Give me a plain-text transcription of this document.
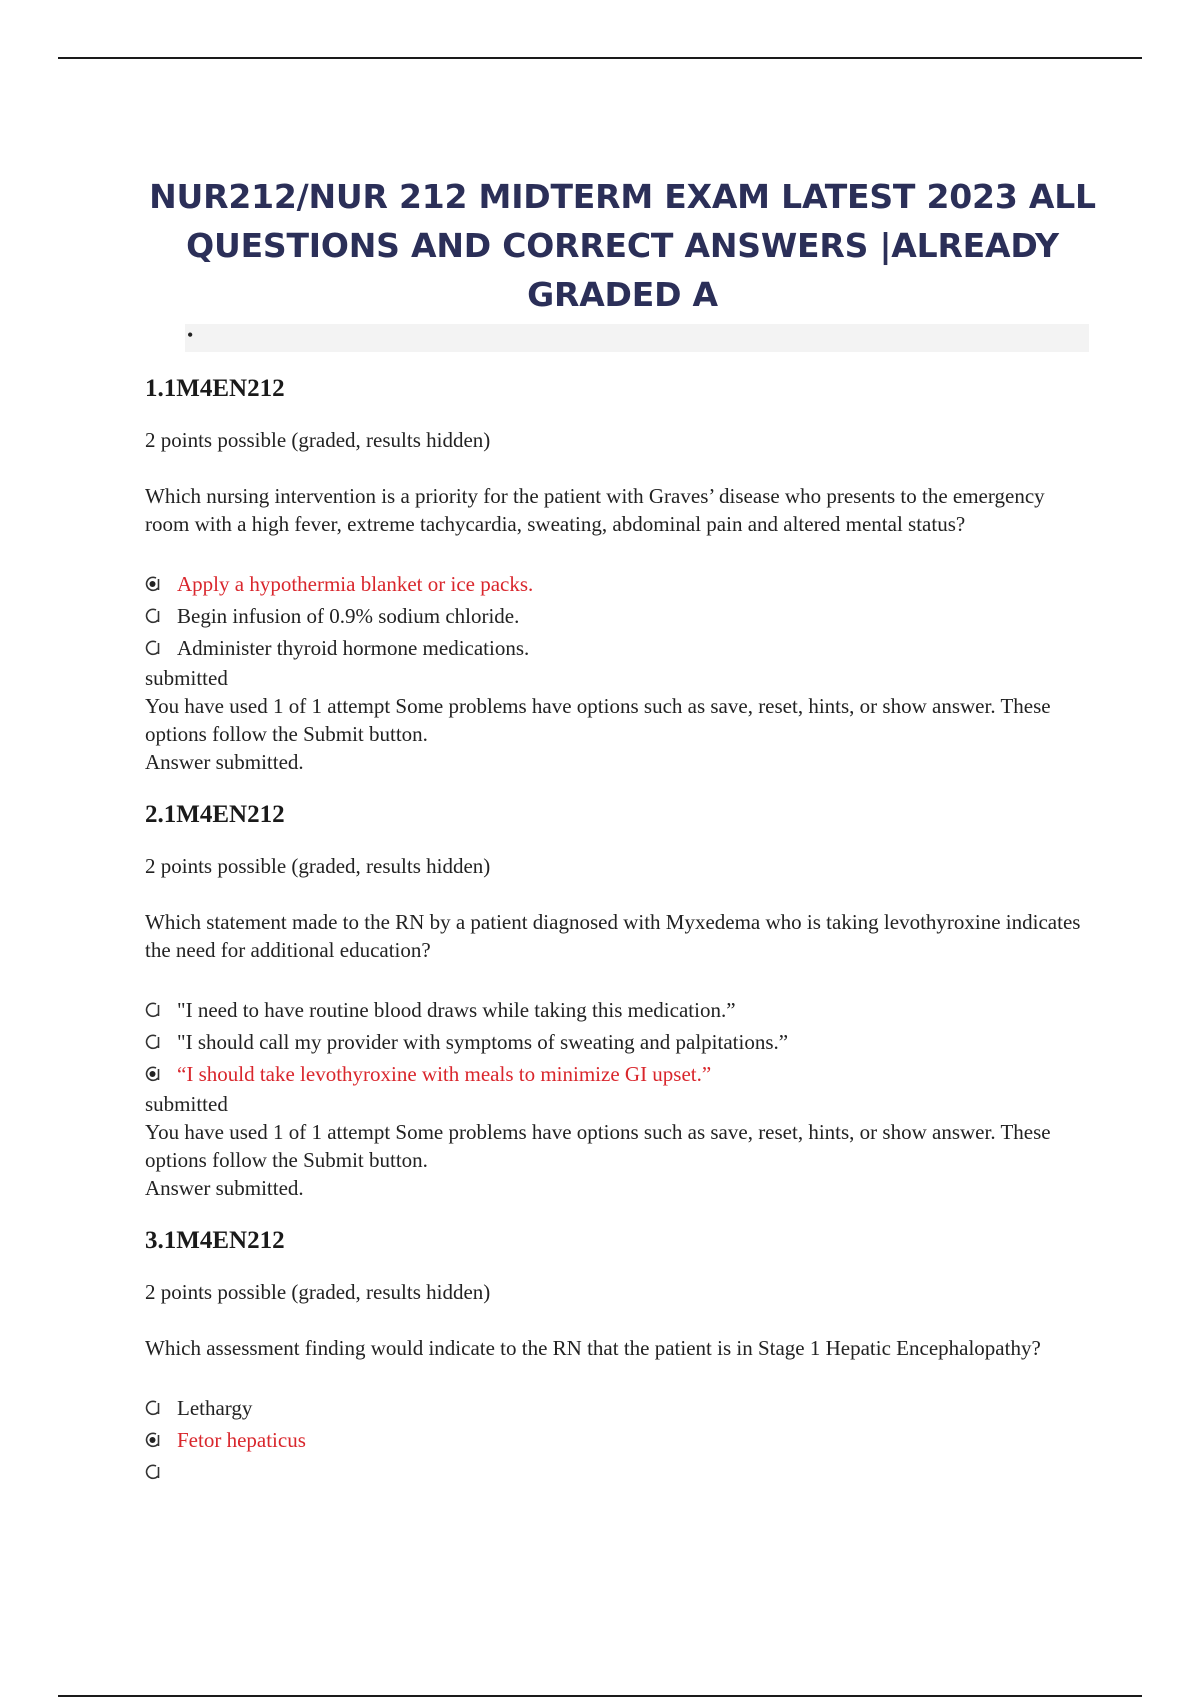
NUR212/NUR 212 MIDTERM EXAM LATEST 2023 ALL QUESTIONS AND CORRECT ANSWERS |ALREADY GRADED A
•
1.1M4EN212
2 points possible (graded, results hidden)
Which nursing intervention is a priority for the patient with Graves’ disease who presents to the emergency room with a high fever, extreme tachycardia, sweating, abdominal pain and altered mental status?
Apply a hypothermia blanket or ice packs.
Begin infusion of 0.9% sodium chloride.
Administer thyroid hormone medications.
submitted
You have used 1 of 1 attempt Some problems have options such as save, reset, hints, or show answer. These options follow the Submit button.
Answer submitted.
2.1M4EN212
2 points possible (graded, results hidden)
Which statement made to the RN by a patient diagnosed with Myxedema who is taking levothyroxine indicates the need for additional education?
"I need to have routine blood draws while taking this medication.”
"I should call my provider with symptoms of sweating and palpitations.”
“I should take levothyroxine with meals to minimize GI upset.”
submitted
You have used 1 of 1 attempt Some problems have options such as save, reset, hints, or show answer. These options follow the Submit button.
Answer submitted.
3.1M4EN212
2 points possible (graded, results hidden)
Which assessment finding would indicate to the RN that the patient is in Stage 1 Hepatic Encephalopathy?
Lethargy
Fetor hepaticus
